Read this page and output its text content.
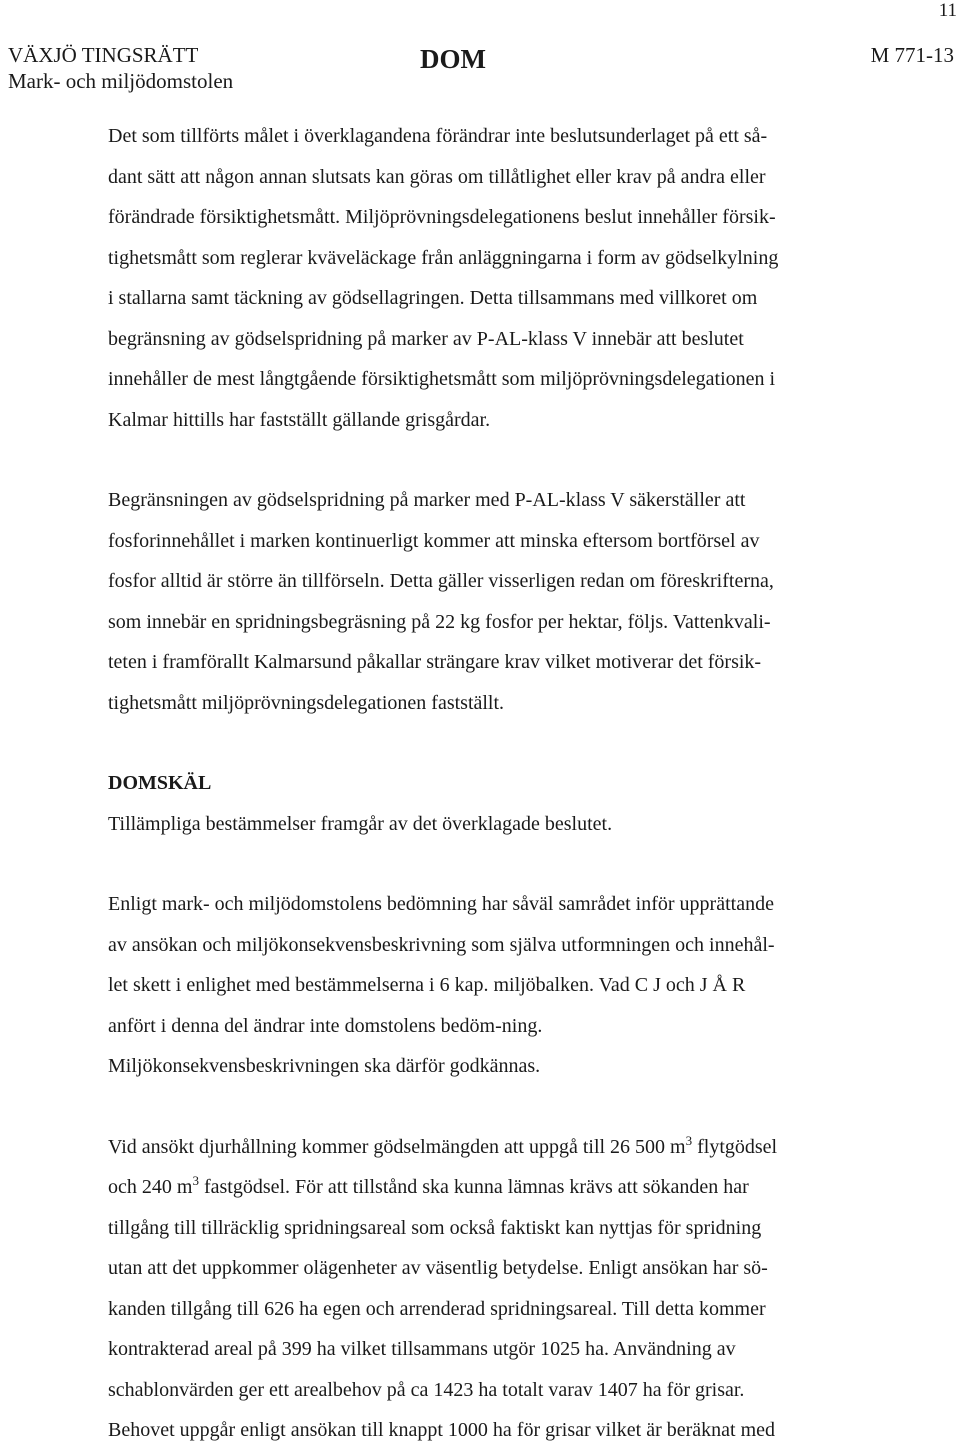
11
VÄXJÖ TINGSRÄTT
Mark- och miljödomstolen
DOM	M 771-13

Det som tillförts målet i överklagandena förändrar inte beslutsunderlaget på ett så-
dant sätt att någon annan slutsats kan göras om tillåtlighet eller krav på andra eller
förändrade försiktighetsmått. Miljöprövningsdelegationens beslut innehåller försik-
tighetsmått som reglerar kväveläckage från anläggningarna i form av gödselkylning
i stallarna samt täckning av gödsellagringen. Detta tillsammans med villkoret om
begränsning av gödselspridning på marker av P-AL-klass V innebär att beslutet
innehåller de mest långtgående försiktighetsmått som miljöprövningsdelegationen i
Kalmar hittills har fastställt gällande grisgårdar.

Begränsningen av gödselspridning på marker med P-AL-klass V säkerställer att
fosforinnehållet i marken kontinuerligt kommer att minska eftersom bortförsel av
fosfor alltid är större än tillförseln. Detta gäller visserligen redan om föreskrifterna,
som innebär en spridningsbegräsning på 22 kg fosfor per hektar, följs. Vattenkvali-
teten i framförallt Kalmarsund påkallar strängare krav vilket motiverar det försik-
tighetsmått miljöprövningsdelegationen fastställt.

DOMSKÄL

Tillämpliga bestämmelser framgår av det överklagade beslutet.

Enligt mark- och miljödomstolens bedömning har såväl samrådet inför upprättande
av ansökan och miljökonsekvensbeskrivning som själva utformningen och innehål-
let skett i enlighet med bestämmelserna i 6 kap. miljöbalken. Vad C J och J Å R
anfört i denna del ändrar inte domstolens bedöm-ning.
Miljökonsekvensbeskrivningen ska därför godkännas.

Vid ansökt djurhållning kommer gödselmängden att uppgå till 26 500 $m^3$ flytgödsel
och 240 $m^3$ fastgödsel. För att tillstånd ska kunna lämnas krävs att sökanden har
tillgång till tillräcklig spridningsareal som också faktiskt kan nyttjas för spridning
utan att det uppkommer olägenheter av väsentlig betydelse. Enligt ansökan har sö-
kanden tillgång till 626 ha egen och arrenderad spridningsareal. Till detta kommer
kontrakterad areal på 399 ha vilket tillsammans utgör 1025 ha. Användning av
schablonvärden ger ett arealbehov på ca 1423 ha totalt varav 1407 ha för grisar.
Behovet uppgår enligt ansökan till knappt 1000 ha för grisar vilket är beräknat med
